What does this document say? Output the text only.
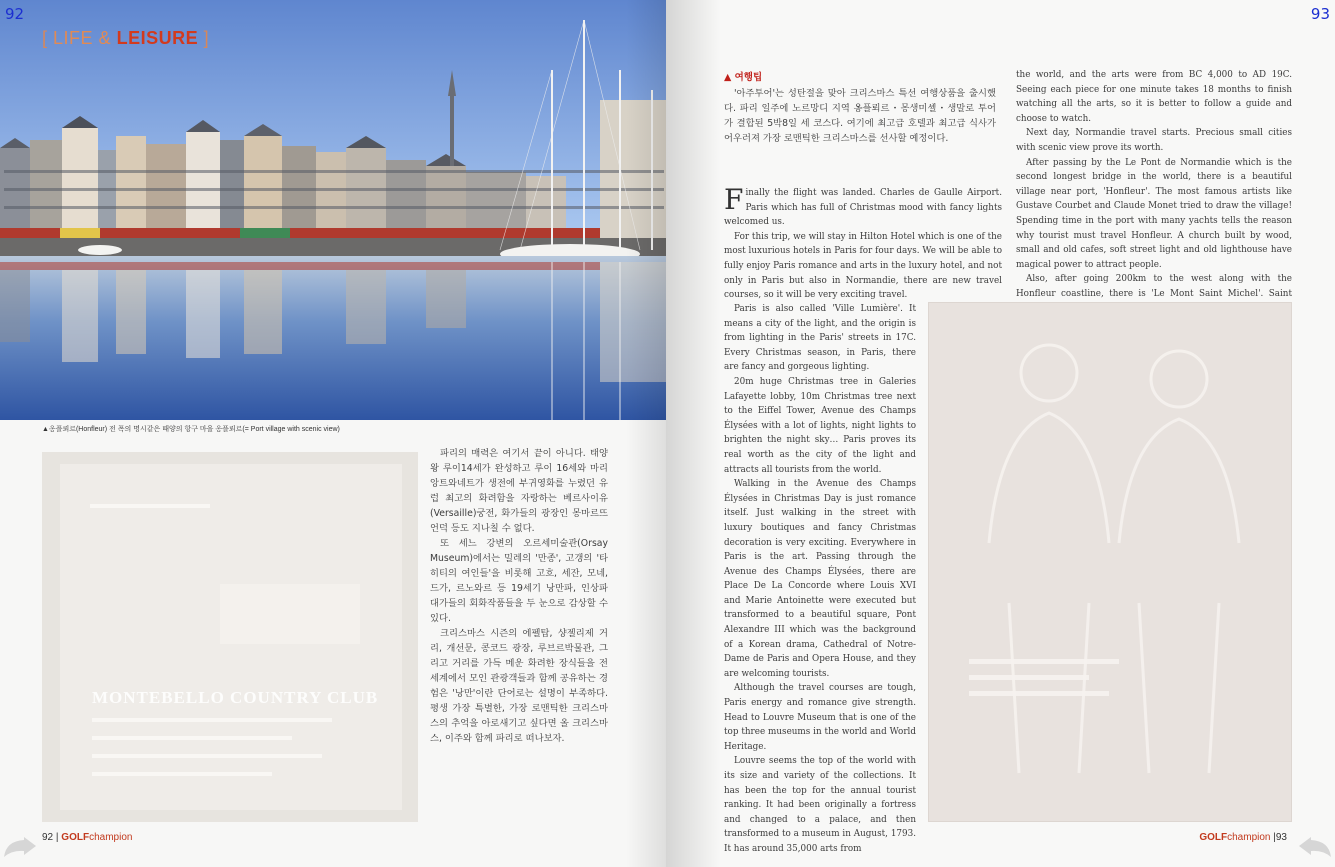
92	93
[ LIFE & LEISURE ]
▲옹플뢰르(Honfleur) 전 폭의 명시같은 때양의 항구 마을 옹플뢰르(= Port village with scenic view)
MONTEBELLO COUNTRY CLUB

파리의 매력은 여기서 끝이 아니다. 태양왕 루이14세가 완성하고 루이 16세와 마리 앙트와네트가 생전에 부귀영화를 누렸던 유럽 최고의 화려함을 자랑하는 베르사이유(Versaille)궁전, 화가들의 광장인 몽마르뜨 언덕 등도 지나칠 수 없다.

또 세느 강변의 오르세미술관(Orsay Museum)에서는 밀레의 '만종', 고갱의 '타히티의 여인들'을 비롯해 고흐, 세잔, 모네, 드가, 르노와르 등 19세기 낭만파, 인상파 대가들의 회화작품들을 두 눈으로 감상할 수 있다.

크리스마스 시즌의 에펠탑, 샹젤리제 거리, 개선문, 콩코드 광장, 루브르박물관, 그리고 거리를 가득 메운 화려한 장식들을 전세계에서 모인 관광객들과 함께 공유하는 경험은 '낭만'이란 단어로는 설명이 부족하다. 평생 가장 특별한, 가장 로맨틱한 크리스마스의 추억을 아로새기고 싶다면 올 크리스마스, 이주와 함께 파리로 떠나보자.

92 | GOLFchampion
▲ 여행팁

'아주투어'는 성탄절을 맞아 크리스마스 특선 여행상품을 출시했다. 파리 일주에 노르망디 지역 옹플뢰르・몽생미셸・생말로 투어가 결합된 5박8일 세 코스다. 여기에 최고급 호텔과 최고급 식사가 어우러져 가장 로맨틱한 크리스마스를 선사할 예정이다.

Finally the flight was landed. Charles de Gaulle Airport. Paris which has full of Christmas mood with fancy lights welcomed us.

For this trip, we will stay in Hilton Hotel which is one of the most luxurious hotels in Paris for four days. We will be able to fully enjoy Paris romance and arts in the luxury hotel, and not only in Paris but also in Normandie, there are new travel courses, so it will be very exciting travel.

Paris is also called 'Ville Lumière'. It means a city of the light, and the origin is from lighting in the Paris' streets in 17C. Every Christmas season, in Paris, there are fancy and gorgeous lighting.

20m huge Christmas tree in Galeries Lafayette lobby, 10m Christmas tree next to the Eiffel Tower, Avenue des Champs Élysées with a lot of lights, night lights to brighten the night sky… Paris proves its real worth as the city of the light and attracts all tourists from the world.

Walking in the Avenue des Champs Élysées in Christmas Day is just romance itself. Just walking in the street with luxury boutiques and fancy Christmas decoration is very exciting. Everywhere in Paris is the art. Passing through the Avenue des Champs Élysées, there are Place De La Concorde where Louis XVI and Marie Antoinette were executed but transformed to a beautiful square, Pont Alexandre III which was the background of a Korean drama, Cathedral of Notre-Dame de Paris and Opera House, and they are welcoming tourists.

Although the travel courses are tough, Paris energy and romance give strength. Head to Louvre Museum that is one of the top three museums in the world and World Heritage.

Louvre seems the top of the world with its size and variety of the collections. It has been the top for the annual tourist ranking. It had been originally a fortress and changed to a palace, and then transformed to a museum in August, 1793. It has around 35,000 arts from

the world, and the arts were from BC 4,000 to AD 19C. Seeing each piece for one minute takes 18 months to finish watching all the arts, so it is better to follow a guide and choose to watch.

Next day, Normandie travel starts. Precious small cities with scenic view prove its worth.

After passing by the Le Pont de Normandie which is the second longest bridge in the world, there is a beautiful village near port, 'Honfleur'. The most famous artists like Gustave Courbet and Claude Monet tried to draw the village! Spending time in the port with many yachts tells the reason why tourist must travel Honfleur. A church built by wood, small and old cafes, soft street light and old lighthouse have magical power to attract people.

Also, after going 200km to the west along with the Honfleur coastline, there is 'Le Mont Saint Michel'. Saint

GOLFchampion |93
